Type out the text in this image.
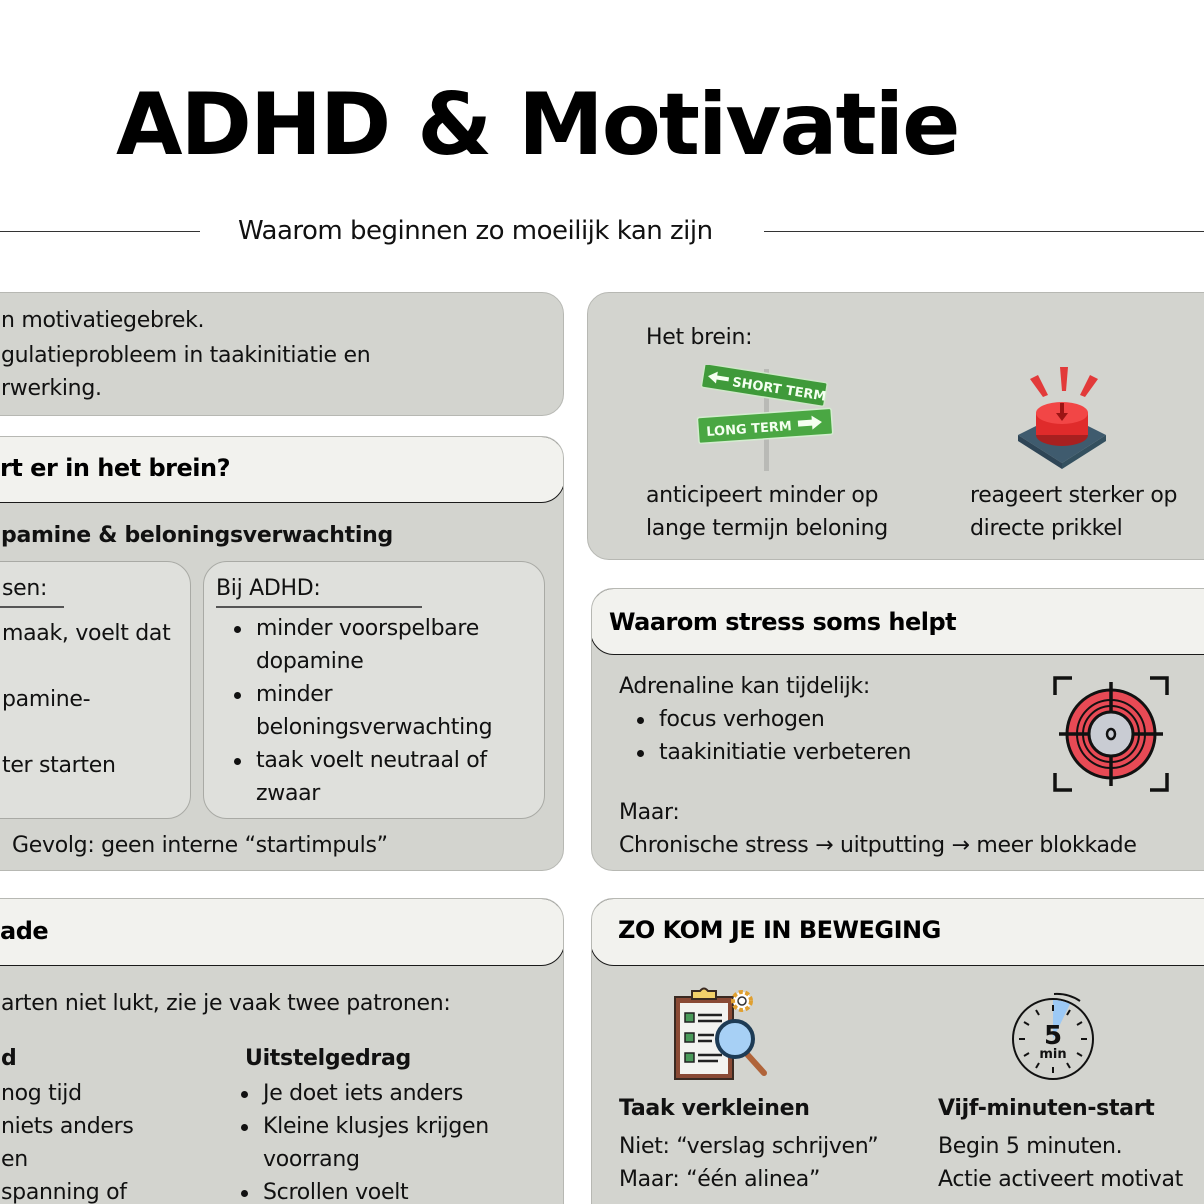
ADHD & Motivatie
Waarom beginnen zo moeilijk kan zijn
n motivatiegebrek.
gulatieprobleem in taakinitiatie en
rwerking.
rt er in het brein?
pamine & beloningsverwachting
sen:
maak, voelt dat
pamine-
ter starten
Bij ADHD:
minder voorspelbare dopamine
minder beloningsverwachting
taak voelt neutraal of zwaar
Gevolg: geen interne “startimpuls”
ade
arten niet lukt, zie je vaak twee patronen:
d
nog tijd
niets anders
en
spanning of
Uitstelgedrag
Je doet iets anders
Kleine klusjes krijgen voorrang
Scrollen voelt
Het brein:
SHORT TERM
LONG TERM
anticipeert minder op
lange termijn beloning
reageert sterker op
directe prikkel
Waarom stress soms helpt
Adrenaline kan tijdelijk:
focus verhogen
taakinitiatie verbeteren
Maar:
Chronische stress → uitputting → meer blokkade
ZO KOM JE IN BEWEGING
5
min
Taak verkleinen
Niet: “verslag schrijven”
Maar: “één alinea”
Vijf-minuten-start
Begin 5 minuten.
Actie activeert motivat
